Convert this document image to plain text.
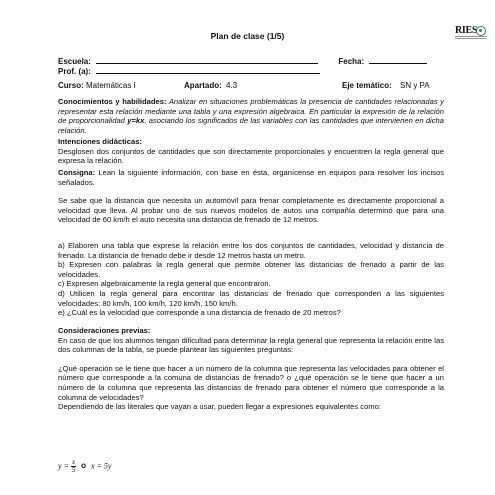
Plan de clase (1/5)	RIES
Escuela:	Fecha:
Prof. (a):
Curso: Matemáticas I	Apartado: 4.3	Eje temático: SN y PA

Conocimientos y habilidades: Analizar en situaciones problemáticas la presencia de cantidades relacionadas y representar esta relación mediante una tabla y una expresión algebraica. En particular la expresión de la relación de proporcionalidad y=kx, asociando los significados de las variables con las cantidades que intervienen en dicha relación.

Intenciones didácticas:

Desglosen dos conjuntos de cantidades que son directamente proporcionales y encuentren la regla general que expresa la relación.

Consigna: Lean la siguiente información, con base en ésta, organícense en equipos para resolver los incisos señalados.

Se sabe que la distancia que necesita un automóvil para frenar completamente es directamente proporcional a velocidad que lleva. Al probar uno de sus nuevos modelos de autos una compañía determinó que para una velocidad de 60 km/h el auto necesita una distancia de frenado de 12 metros.

a) Elaboren una tabla que exprese la relación entre los dos conjuntos de cantidades, velocidad y distancia de frenado. La distancia de frenado debe ir desde 12 metros hasta un metro.

b) Expresen con palabras la regla general que permite obtener las distancias de frenado a partir de las velocidades.

c) Expresen algebraicamente la regla general que encontraron.

d) Utilicen la regla general para encontrar las distancias de frenado que corresponden a las siguientes velocidades: 80 km/h, 100 km/h, 120 km/h, 150 km/h.

e) ¿Cuál es la velocidad que corresponde a una distancia de frenado de 20 metros?

Consideraciones previas:

En caso de que los alumnos tengan dificultad para determinar la regla general que representa la relación entre las dos columnas de la tabla, se puede plantear las siguientes preguntas:

¿Qué operación se le tiene que hacer a un número de la columna que representa las velocidades para obtener el número que corresponde a la comuna de distancias de frenado? o ¿qué operación se le tiene que hacer a un número de la columna que representa las distancias de frenado para obtener el número que corresponde a la columna de velocidades?

Dependiendo de las literales que vayan a usar, pueden llegar a expresiones equivalentes como:

$y = \frac{x}{5}$ o x = 5y
